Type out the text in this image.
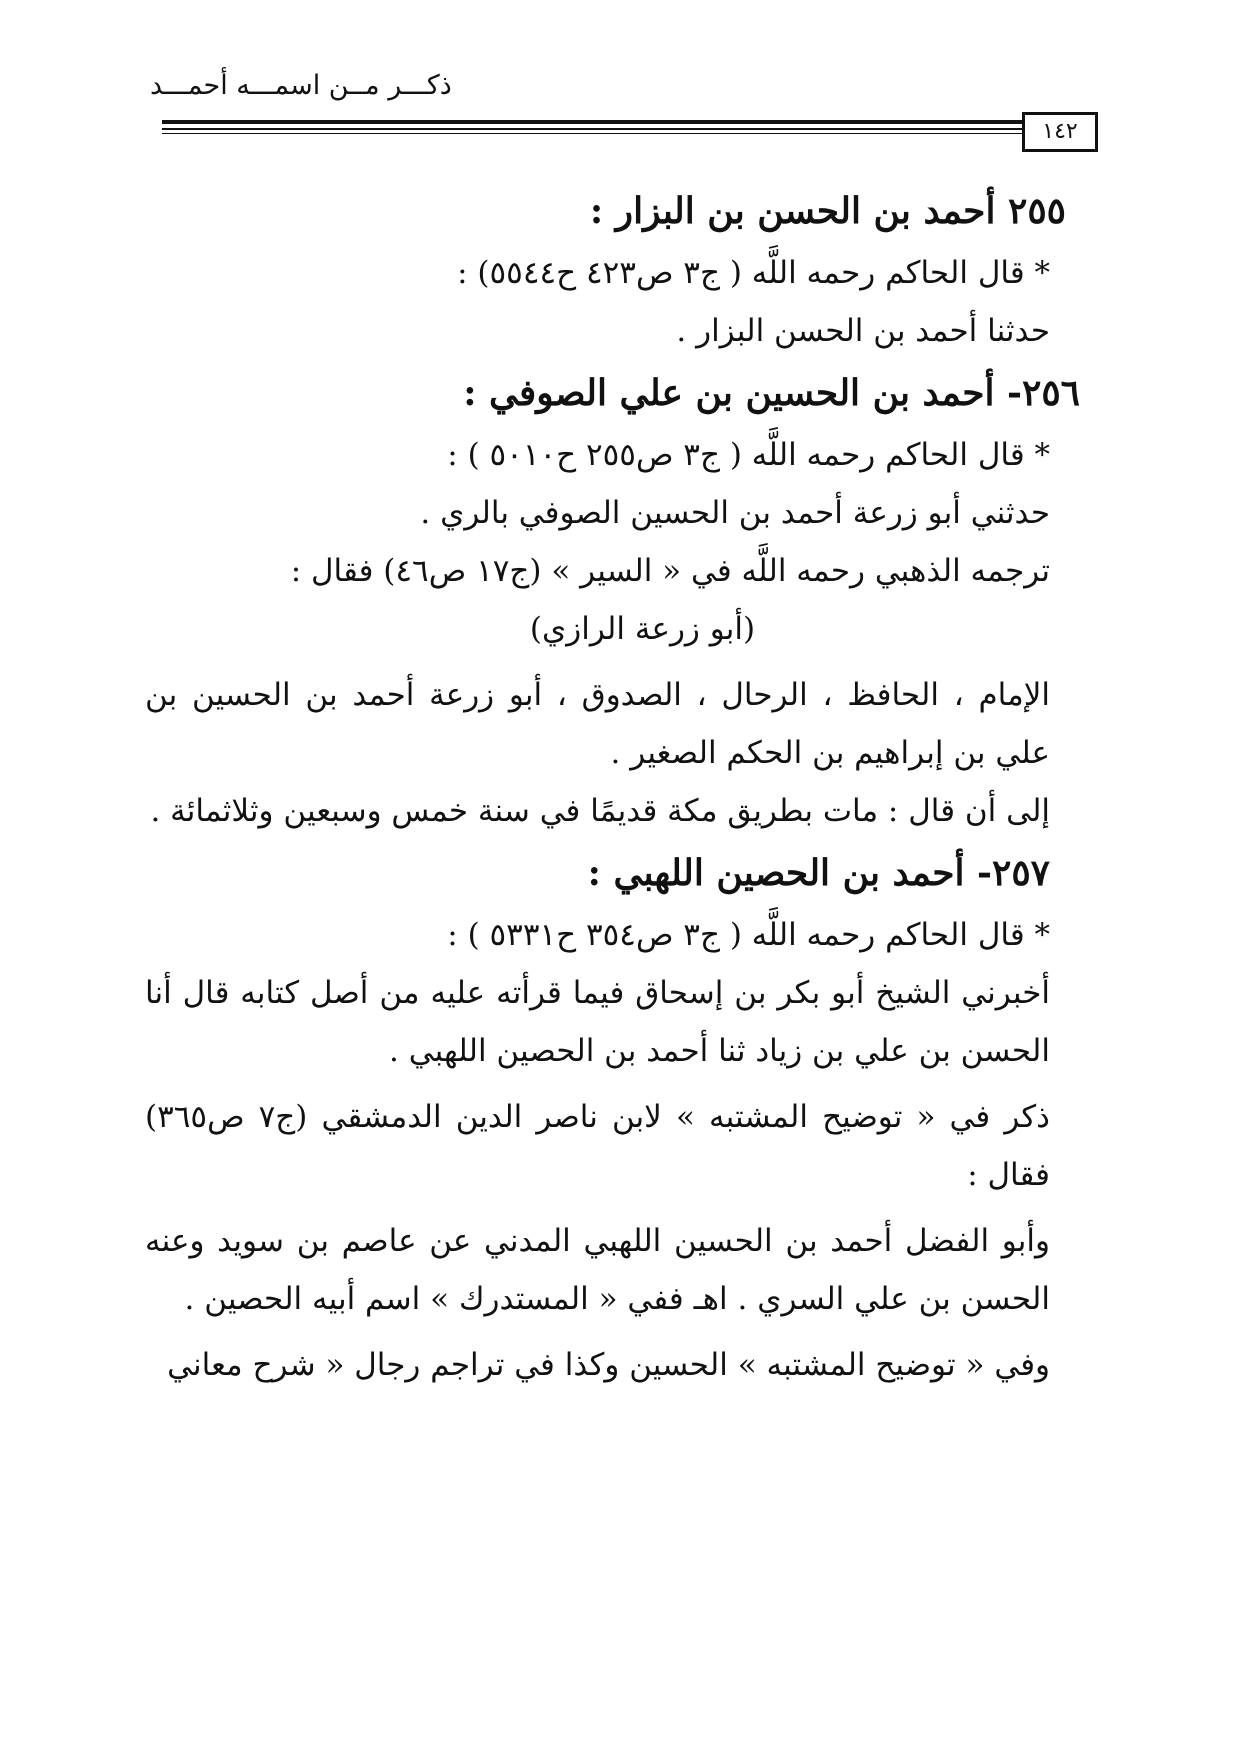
ذكـــر مــن اسمـــه أحمـــد
١٤٢

٢٥٥ أحمد بن الحسن بن البزار :

* قال الحاكم رحمه اللَّه ( ج٣ ص٤٢٣ ح٥٥٤٤) :

حدثنا أحمد بن الحسن البزار .

٢٥٦- أحمد بن الحسين بن علي الصوفي :

* قال الحاكم رحمه اللَّه ( ج٣ ص٢٥٥ ح٥٠١٠ ) :

حدثني أبو زرعة أحمد بن الحسين الصوفي بالري .

ترجمه الذهبي رحمه اللَّه في « السير » (ج١٧ ص٤٦) فقال :

(أبو زرعة الرازي)

الإمام ، الحافظ ، الرحال ، الصدوق ، أبو زرعة أحمد بن الحسين بن علي بن إبراهيم بن الحكم الصغير .

إلى أن قال : مات بطريق مكة قديمًا في سنة خمس وسبعين وثلاثمائة .

٢٥٧- أحمد بن الحصين اللهبي :

* قال الحاكم رحمه اللَّه ( ج٣ ص٣٥٤ ح٥٣٣١ ) :

أخبرني الشيخ أبو بكر بن إسحاق فيما قرأته عليه من أصل كتابه قال أنا الحسن بن علي بن زياد ثنا أحمد بن الحصين اللهبي .

ذكر في « توضيح المشتبه » لابن ناصر الدين الدمشقي (ج٧ ص٣٦٥) فقال :

وأبو الفضل أحمد بن الحسين اللهبي المدني عن عاصم بن سويد وعنه الحسن بن علي السري . اهـ ففي « المستدرك » اسم أبيه الحصين .

وفي « توضيح المشتبه » الحسين وكذا في تراجم رجال « شرح معاني
